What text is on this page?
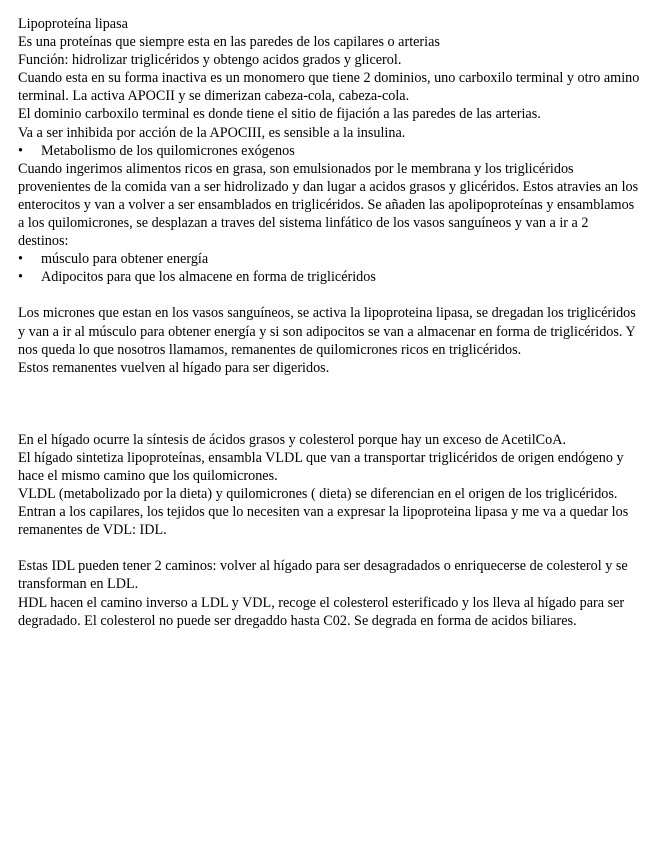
Lipoproteína lipasa

Es una proteínas que siempre esta en las paredes de los capilares o arterias

Función: hidrolizar triglicéridos y obtengo acidos grados y glicerol.

Cuando esta en su forma inactiva es un monomero que tiene 2 dominios, uno carboxilo terminal y otro amino terminal. La activa APOCII y se dimerizan cabeza-cola, cabeza-cola.

El dominio carboxilo terminal es donde tiene el sitio de fijación a las paredes de las arterias.

Va a ser inhibida por acción de la APOCIII, es sensible a la insulina.

•	Metabolismo de los quilomicrones exógenos

Cuando ingerimos alimentos ricos en grasa, son emulsionados por le membrana y los triglicéridos provenientes de la comida van a ser hidrolizado y dan lugar a acidos grasos y glicéridos. Estos atravies an los enterocitos y van a volver a ser ensamblados en triglicéridos. Se añaden las apolipoproteínas y ensamblamos a los quilomicrones, se desplazan a traves del sistema linfático de los vasos sanguíneos y van a ir a 2 destinos:

•	músculo para obtener energía
•	Adipocitos para que los almacene en forma de triglicéridos

Los micrones que estan en los vasos sanguíneos, se activa la lipoproteina lipasa, se dregadan los triglicéridos y van a ir al músculo para obtener energía y si son adipocitos se van a almacenar en forma de triglicéridos. Y nos queda lo que nosotros llamamos, remanentes de quilomicrones ricos en triglicéridos.

Estos remanentes vuelven al hígado para ser digeridos.

En el hígado ocurre la síntesis de ácidos grasos y colesterol porque hay un exceso de AcetilCoA.

El hígado sintetiza lipoproteínas, ensambla VLDL que van a transportar triglicéridos de origen endógeno y hace el mismo camino que los quilomicrones.

VLDL (metabolizado por la dieta) y quilomicrones ( dieta) se diferencian en el origen de los triglicéridos.

Entran a los capilares, los tejidos que lo necesiten van a expresar la lipoproteina lipasa y me va a quedar los remanentes de VDL: IDL.

Estas IDL pueden tener 2 caminos: volver al hígado para ser desagradados o enriquecerse de colesterol y se transforman en LDL.

HDL hacen el camino inverso a LDL y VDL, recoge el colesterol esterificado y los lleva al hígado para ser degradado. El colesterol no puede ser dregaddo hasta C02. Se degrada en forma de acidos biliares.
